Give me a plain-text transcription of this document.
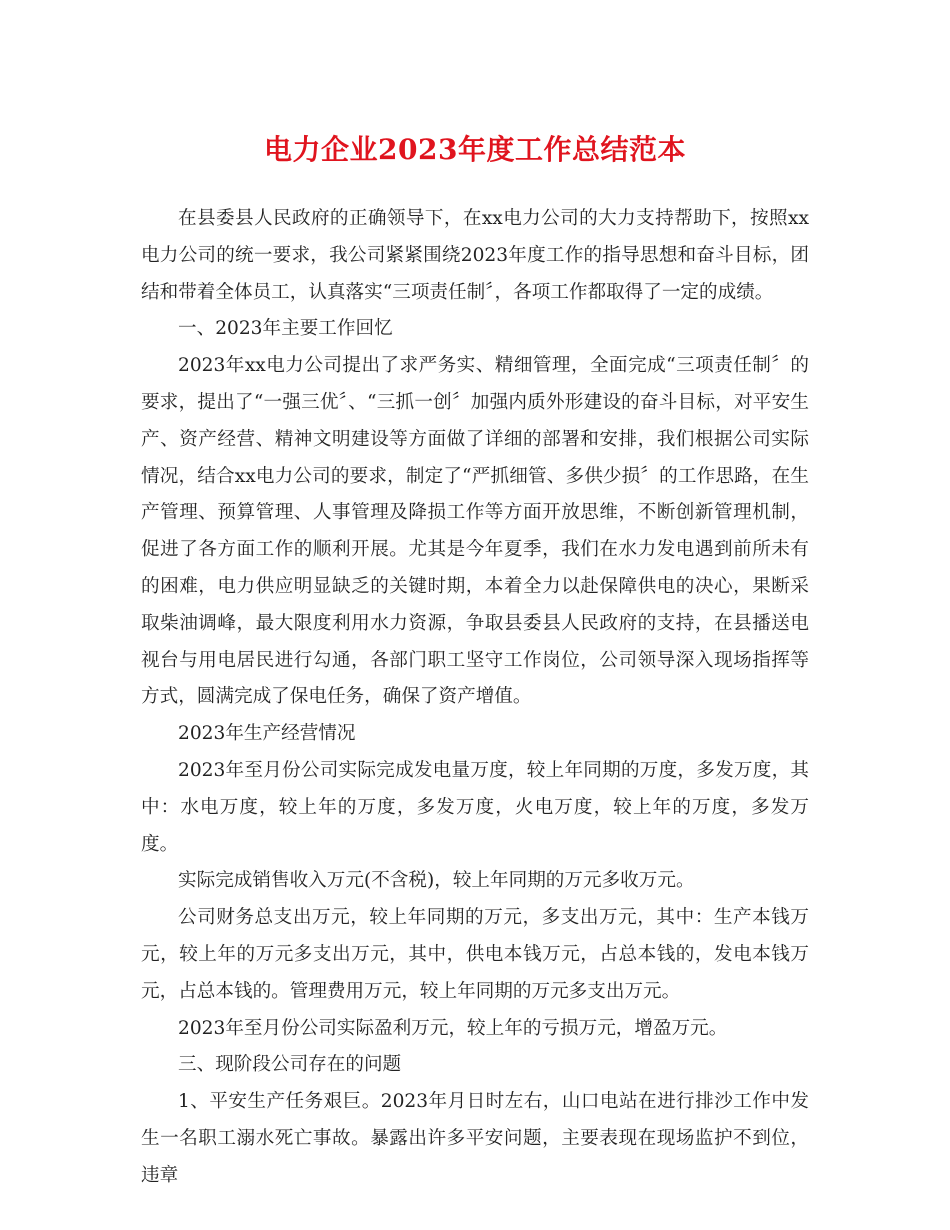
电力企业2023年度工作总结范本

在县委县人民政府的正确领导下，在xx电力公司的大力支持帮助下，按照xx电力公司的统一要求，我公司紧紧围绕2023年度工作的指导思想和奋斗目标，团结和带着全体员工，认真落实“三项责任制〞，各项工作都取得了一定的成绩。

一、2023年主要工作回忆

2023年xx电力公司提出了求严务实、精细管理，全面完成“三项责任制〞的要求，提出了“一强三优〞、“三抓一创〞加强内质外形建设的奋斗目标，对平安生产、资产经营、精神文明建设等方面做了详细的部署和安排，我们根据公司实际情况，结合xx电力公司的要求，制定了“严抓细管、多供少损〞的工作思路，在生产管理、预算管理、人事管理及降损工作等方面开放思维，不断创新管理机制，促进了各方面工作的顺利开展。尤其是今年夏季，我们在水力发电遇到前所未有的困难，电力供应明显缺乏的关键时期，本着全力以赴保障供电的决心，果断采取柴油调峰，最大限度利用水力资源，争取县委县人民政府的支持，在县播送电视台与用电居民进行勾通，各部门职工坚守工作岗位，公司领导深入现场指挥等方式，圆满完成了保电任务，确保了资产增值。

2023年生产经营情况

2023年至月份公司实际完成发电量万度，较上年同期的万度，多发万度，其中：水电万度，较上年的万度，多发万度，火电万度，较上年的万度，多发万度。

实际完成销售收入万元(不含税)，较上年同期的万元多收万元。

公司财务总支出万元，较上年同期的万元，多支出万元，其中：生产本钱万元，较上年的万元多支出万元，其中，供电本钱万元，占总本钱的，发电本钱万元，占总本钱的。管理费用万元，较上年同期的万元多支出万元。

2023年至月份公司实际盈利万元，较上年的亏损万元，增盈万元。

三、现阶段公司存在的问题

1、平安生产任务艰巨。2023年月日时左右，山口电站在进行排沙工作中发生一名职工溺水死亡事故。暴露出许多平安问题，主要表现在现场监护不到位，违章
